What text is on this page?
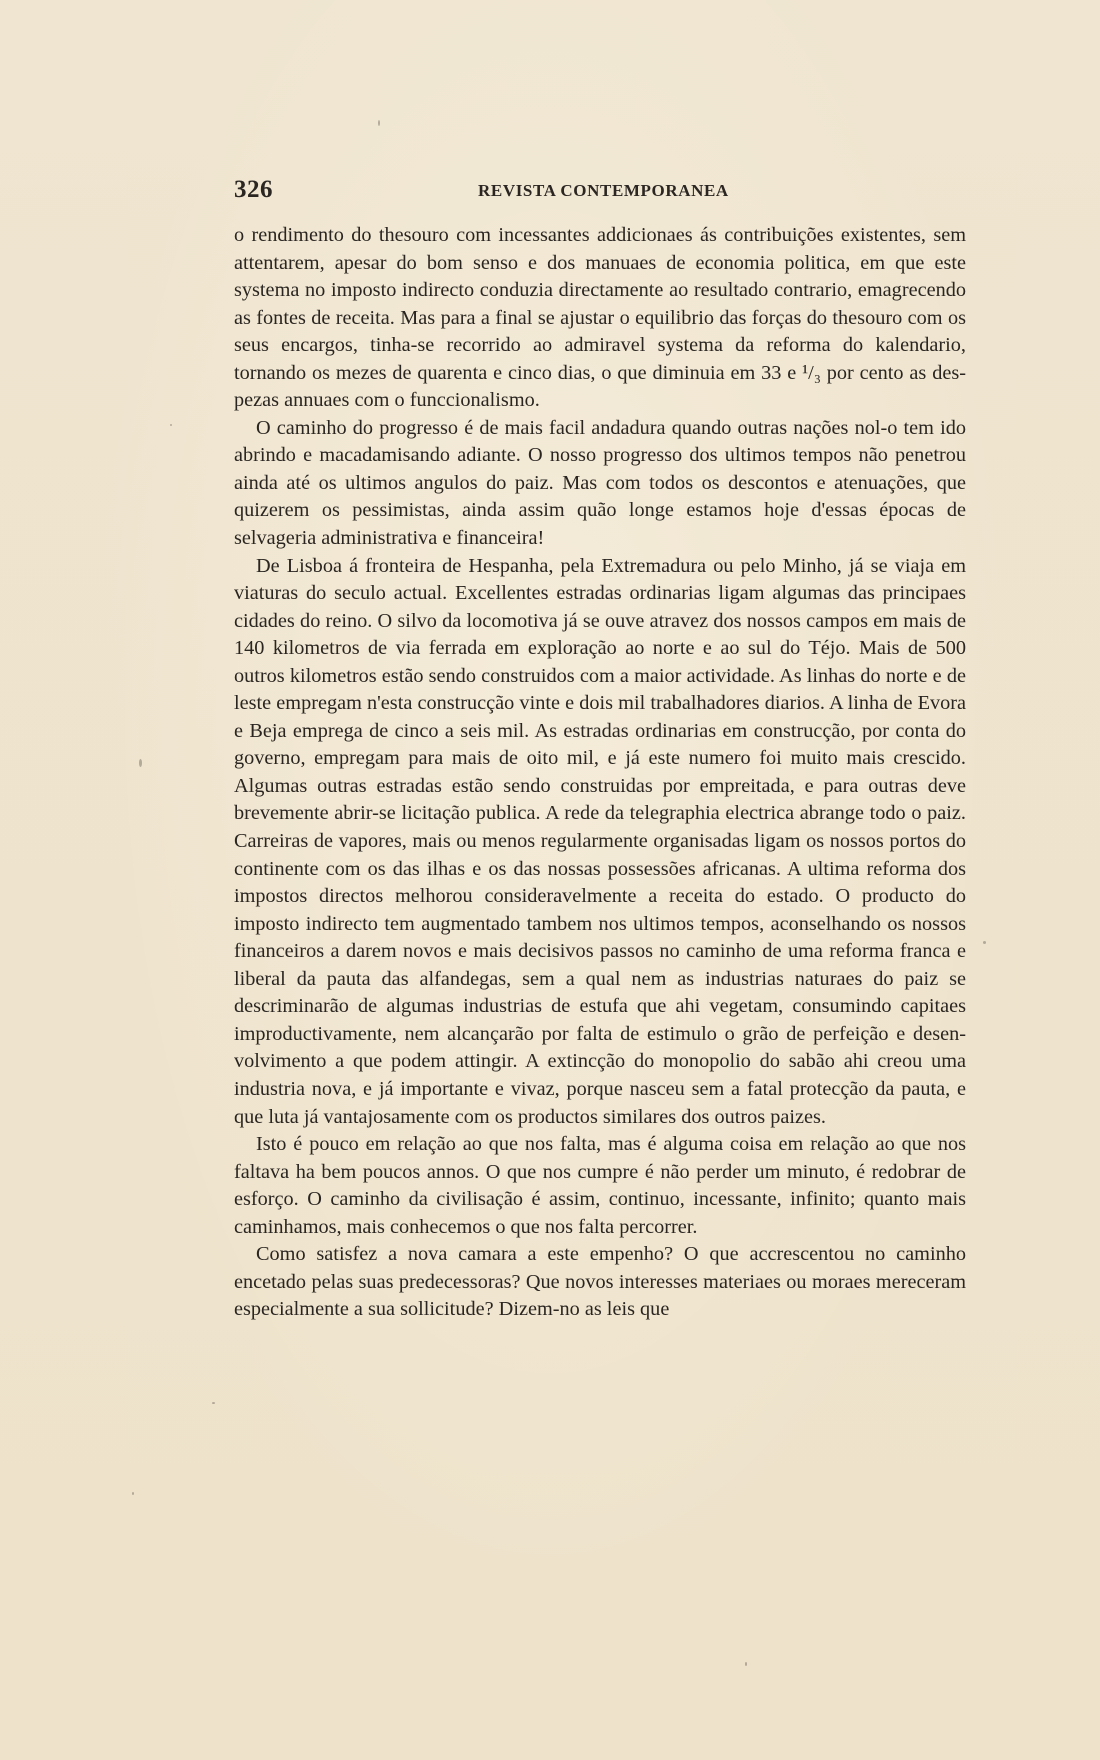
326	REVISTA CONTEMPORANEA

o rendimento do thesouro com incessantes addicionaes ás contribuições existentes, sem attentarem, apesar do bom senso e dos manuaes de economia politica, em que este systema no imposto indirecto conduzia directamente ao resultado contrario, emagrecendo as fontes de receita. Mas para a final se ajustar o equilibrio das forças do thesouro com os seus encargos, tinha-se recorrido ao admiravel systema da reforma do kalendario, tornando os mezes de quarenta e cinco dias, o que diminuia em 33 e ¹/₃ por cento as despezas annuaes com o funccionalismo.

O caminho do progresso é de mais facil andadura quando outras nações nol-o tem ido abrindo e macadamisando adiante. O nosso progresso dos ultimos tempos não penetrou ainda até os ultimos angulos do paiz. Mas com todos os descontos e atenuações, que quizerem os pessimistas, ainda assim quão longe estamos hoje d'essas épocas de selvageria administrativa e financeira!

De Lisboa á fronteira de Hespanha, pela Extremadura ou pelo Minho, já se viaja em viaturas do seculo actual. Excellentes estradas ordinarias ligam algumas das principaes cidades do reino. O silvo da locomotiva já se ouve atravez dos nossos campos em mais de 140 kilometros de via ferrada em exploração ao norte e ao sul do Téjo. Mais de 500 outros kilometros estão sendo construidos com a maior actividade. As linhas do norte e de leste empregam n'esta construcção vinte e dois mil trabalhadores diarios. A linha de Evora e Beja emprega de cinco a seis mil. As estradas ordinarias em construcção, por conta do governo, empregam para mais de oito mil, e já este numero foi muito mais crescido. Algumas outras estradas estão sendo construidas por empreitada, e para outras deve brevemente abrir-se licitação publica. A rede da telegraphia electrica abrange todo o paiz. Carreiras de vapores, mais ou menos regularmente organisadas ligam os nossos portos do continente com os das ilhas e os das nossas possessões africanas. A ultima reforma dos impostos directos melhorou consideravelmente a receita do estado. O producto do imposto indirecto tem augmentado tambem nos ultimos tempos, aconselhando os nossos financeiros a darem novos e mais decisivos passos no caminho de uma reforma franca e liberal da pauta das alfandegas, sem a qual nem as industrias naturaes do paiz se descriminarão de algumas industrias de estufa que ahi vegetam, consumindo capitaes improductivamente, nem alcançarão por falta de estimulo o grão de perfeição e desenvolvimento a que podem attingir. A extincção do monopolio do sabão ahi creou uma industria nova, e já importante e vivaz, porque nasceu sem a fatal protecção da pauta, e que luta já vantajosamente com os productos similares dos outros paizes.

Isto é pouco em relação ao que nos falta, mas é alguma coisa em relação ao que nos faltava ha bem poucos annos. O que nos cumpre é não perder um minuto, é redobrar de esforço. O caminho da civilisação é assim, continuo, incessante, infinito; quanto mais caminhamos, mais conhecemos o que nos falta percorrer.

Como satisfez a nova camara a este empenho? O que accrescentou no caminho encetado pelas suas predecessoras? Que novos interesses materiaes ou moraes mereceram especialmente a sua sollicitude? Dizem-no as leis que
